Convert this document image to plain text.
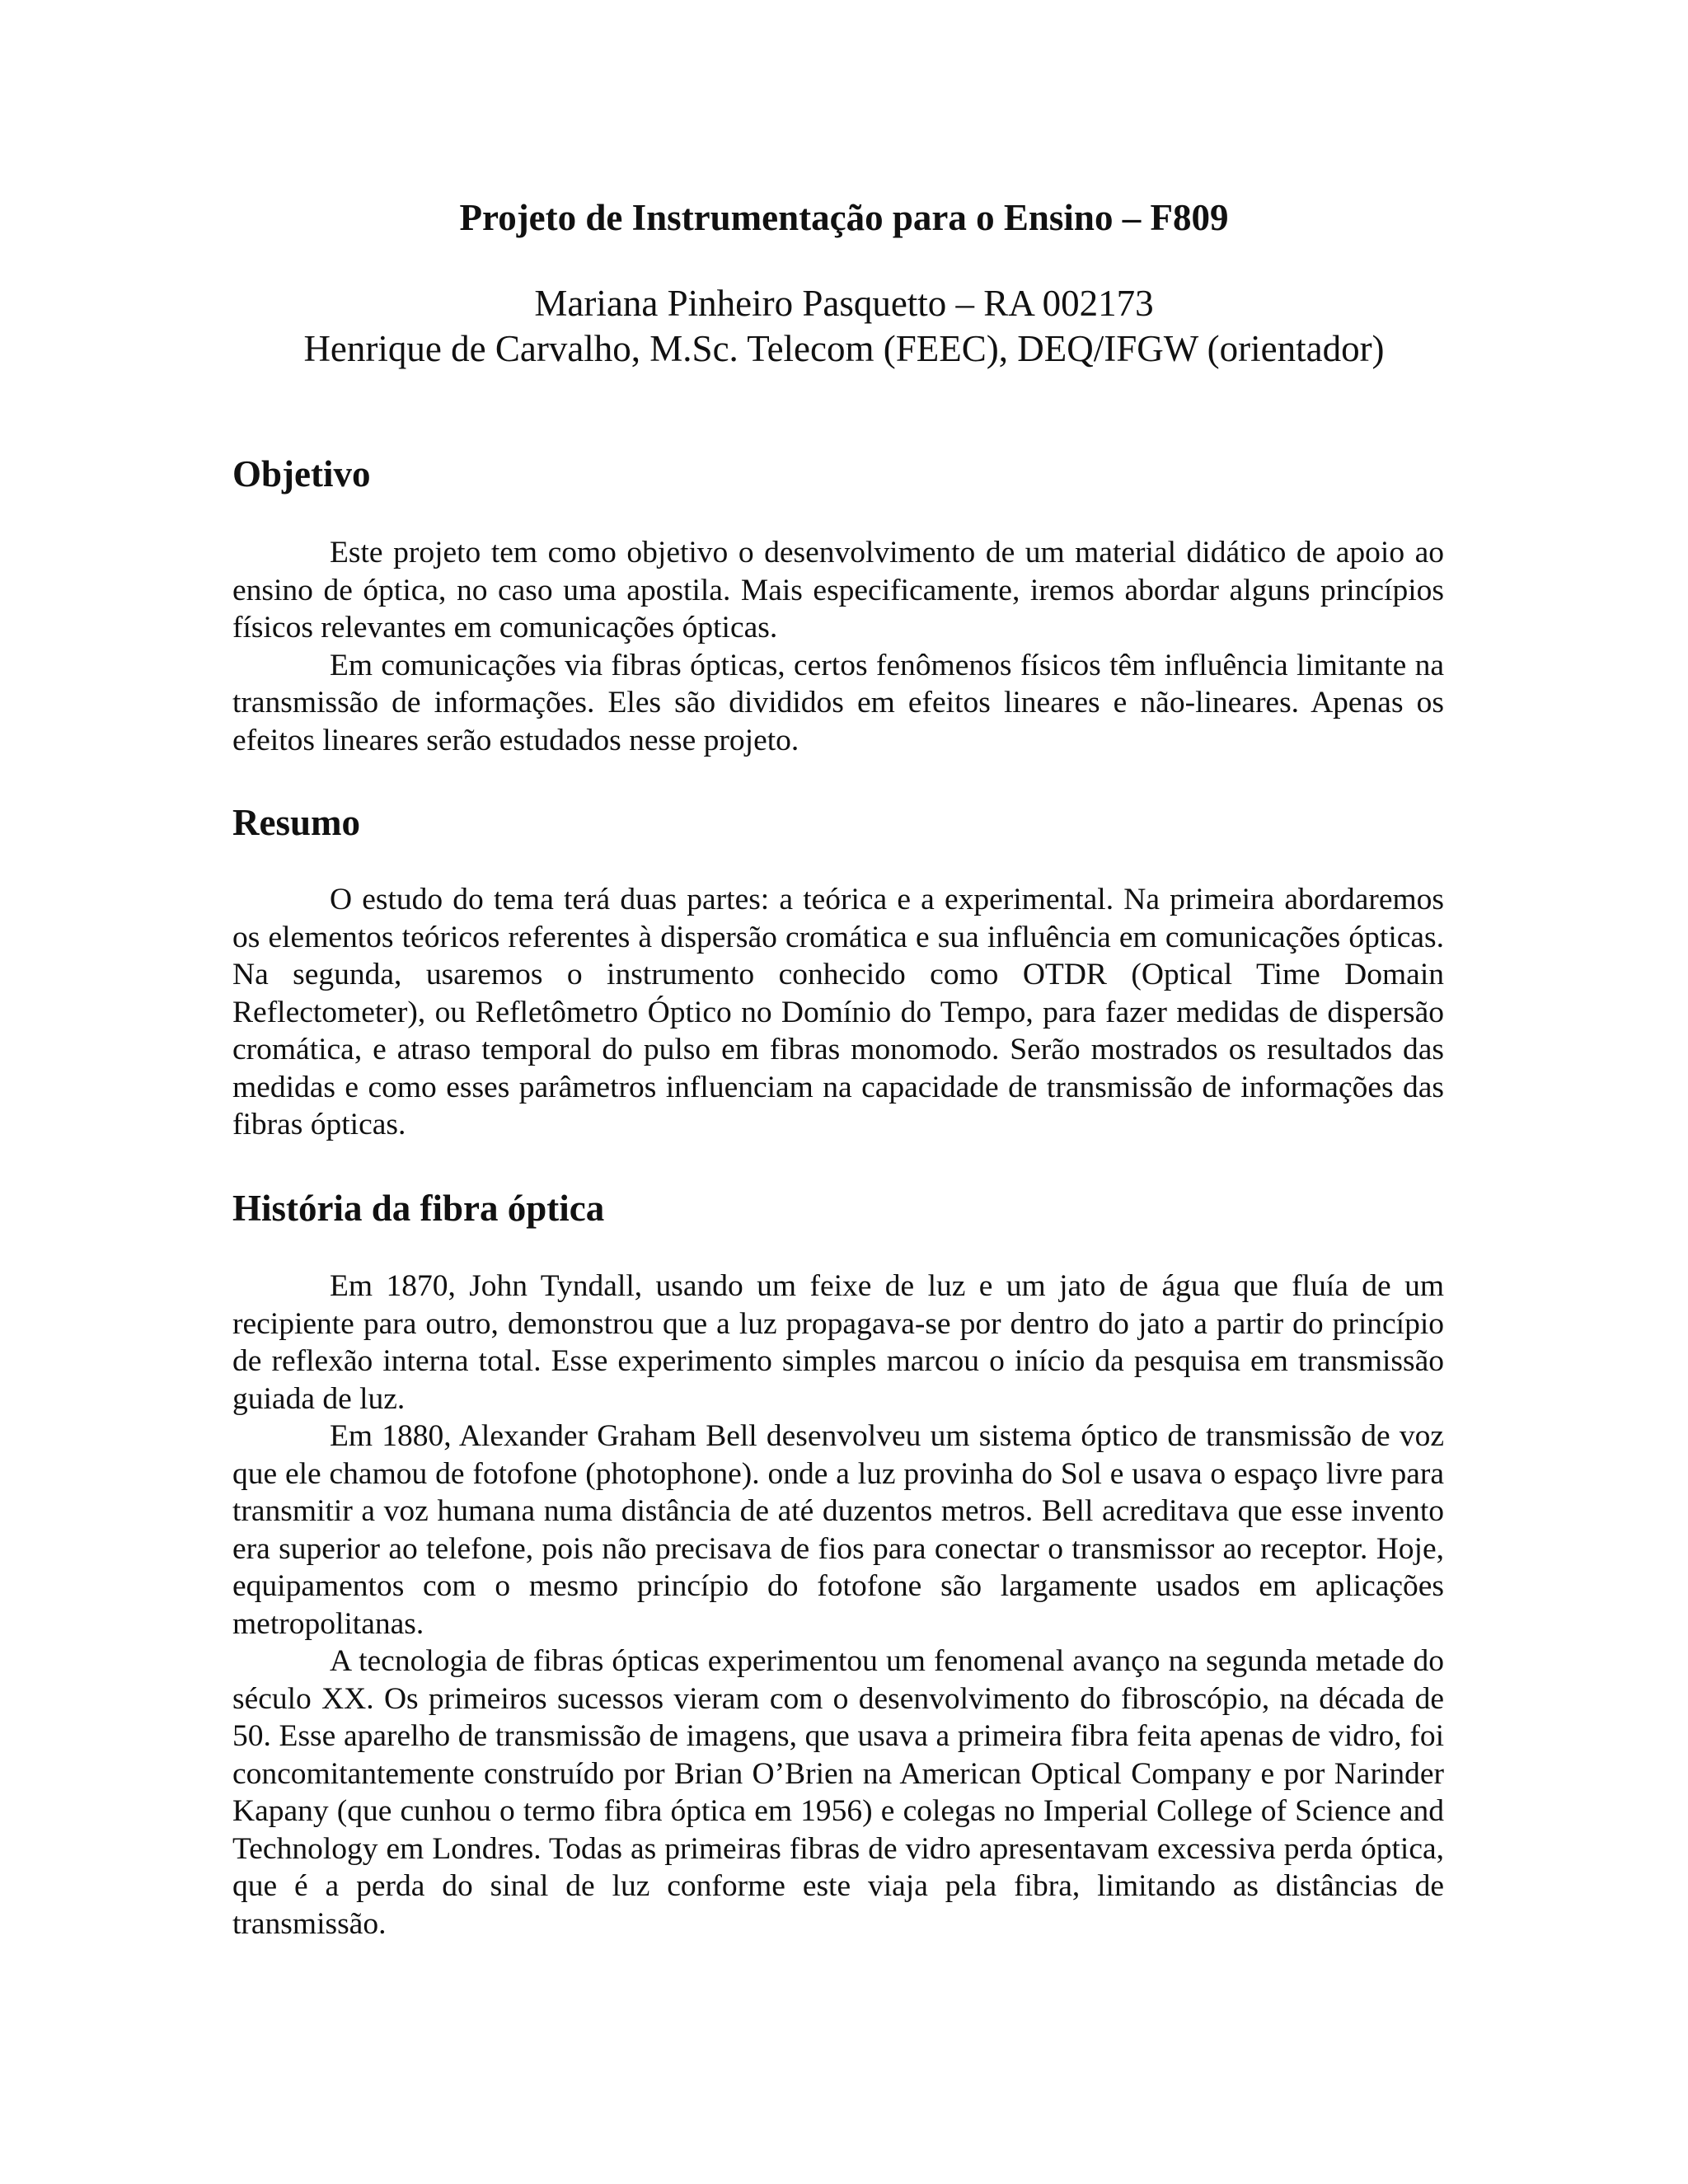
Projeto de Instrumentação para o Ensino – F809
Mariana Pinheiro Pasquetto – RA 002173
Henrique de Carvalho, M.Sc. Telecom (FEEC), DEQ/IFGW (orientador)
Objetivo

Este projeto tem como objetivo o desenvolvimento de um material didático de apoio ao ensino de óptica, no caso uma apostila. Mais especificamente, iremos abordar alguns princípios físicos relevantes em comunicações ópticas.

Em comunicações via fibras ópticas, certos fenômenos físicos têm influência limitante na transmissão de informações. Eles são divididos em efeitos lineares e não-lineares. Apenas os efeitos lineares serão estudados nesse projeto.

Resumo

O estudo do tema terá duas partes: a teórica e a experimental. Na primeira abordaremos os elementos teóricos referentes à dispersão cromática e sua influência em comunicações ópticas. Na segunda, usaremos o instrumento conhecido como OTDR (Optical Time Domain Reflectometer), ou Refletômetro Óptico no Domínio do Tempo, para fazer medidas de dispersão cromática, e atraso temporal do pulso em fibras monomodo. Serão mostrados os resultados das medidas e como esses parâmetros influenciam na capacidade de transmissão de informações das fibras ópticas.

História da fibra óptica

Em 1870, John Tyndall, usando um feixe de luz e um jato de água que fluía de um recipiente para outro, demonstrou que a luz propagava-se por dentro do jato a partir do princípio de reflexão interna total. Esse experimento simples marcou o início da pesquisa em transmissão guiada de luz.

Em 1880, Alexander Graham Bell desenvolveu um sistema óptico de transmissão de voz que ele chamou de fotofone (photophone). onde a luz provinha do Sol e usava o espaço livre para transmitir a voz humana numa distância de até duzentos metros. Bell acreditava que esse invento era superior ao telefone, pois não precisava de fios para conectar o transmissor ao receptor. Hoje, equipamentos com o mesmo princípio do fotofone são largamente usados em aplicações metropolitanas.

A tecnologia de fibras ópticas experimentou um fenomenal avanço na segunda metade do século XX. Os primeiros sucessos vieram com o desenvolvimento do fibroscópio, na década de 50. Esse aparelho de transmissão de imagens, que usava a primeira fibra feita apenas de vidro, foi concomitantemente construído por Brian O’Brien na American Optical Company e por Narinder Kapany (que cunhou o termo fibra óptica em 1956) e colegas no Imperial College of Science and Technology em Londres. Todas as primeiras fibras de vidro apresentavam excessiva perda óptica, que é a perda do sinal de luz conforme este viaja pela fibra, limitando as distâncias de transmissão.
